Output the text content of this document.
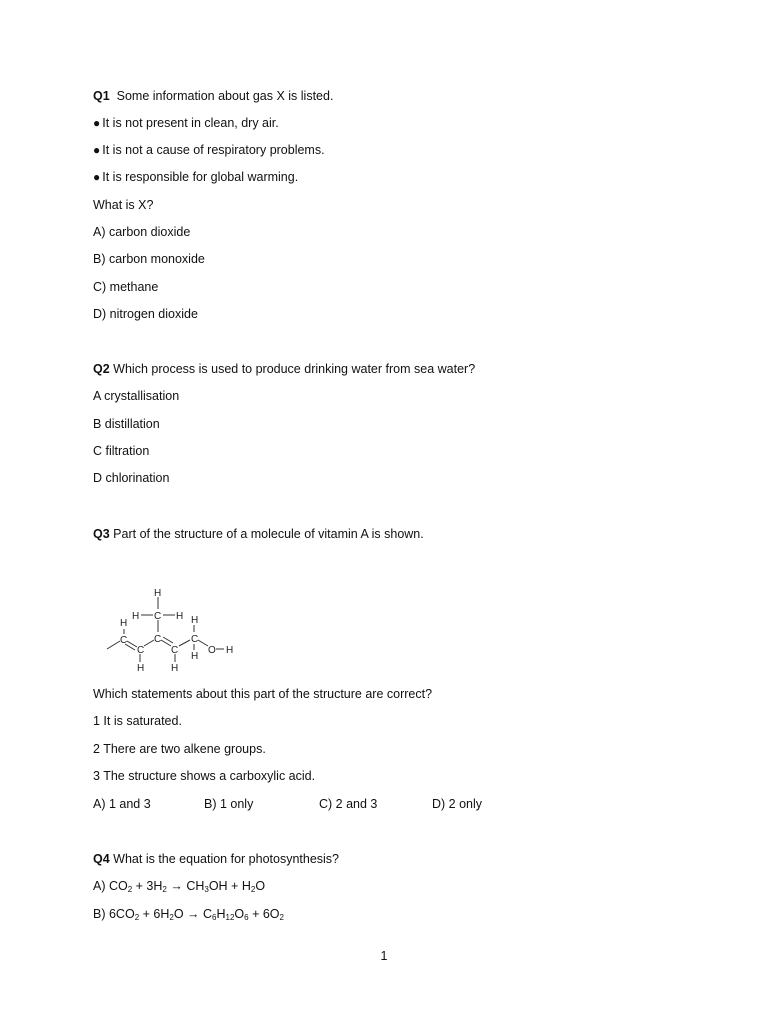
Q1 Some information about gas X is listed.
● It is not present in clean, dry air.
● It is not a cause of respiratory problems.
● It is responsible for global warming.
What is X?
A) carbon dioxide
B) carbon monoxide
C) methane
D) nitrogen dioxide
Q2 Which process is used to produce drinking water from sea water?
A crystallisation
B distillation
C filtration
D chlorination
Q3 Part of the structure of a molecule of vitamin A is shown.
H
H C H
H	H
C	C	C
C	C	O H
H
H	H
Which statements about this part of the structure are correct?
1 It is saturated.
2 There are two alkene groups.
3 The structure shows a carboxylic acid.
A) 1 and 3	B) 1 only	C) 2 and 3	D) 2 only
Q4 What is the equation for photosynthesis?
A) $CO_2 + 3H_2 \to CH_3OH + H_2O$
B) $6CO_2 + 6H_2O \to C_6H_{12}O_6 + 6O_2$
1
